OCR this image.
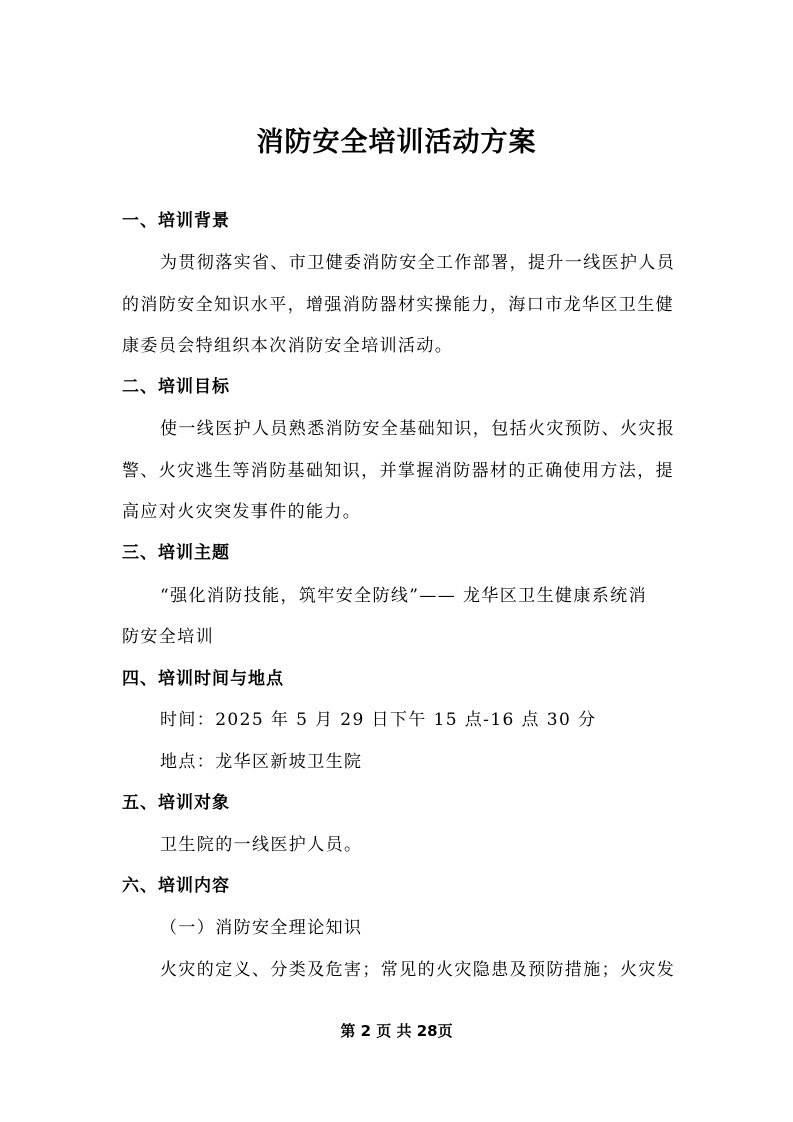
消防安全培训活动方案
一、培训背景
为贯彻落实省、市卫健委消防安全工作部署，提升一线医护人员
的消防安全知识水平，增强消防器材实操能力，海口市龙华区卫生健
康委员会特组织本次消防安全培训活动。
二、培训目标
使一线医护人员熟悉消防安全基础知识，包括火灾预防、火灾报
警、火灾逃生等消防基础知识，并掌握消防器材的正确使用方法，提
高应对火灾突发事件的能力。
三、培训主题
“强化消防技能，筑牢安全防线”—— 龙华区卫生健康系统消
防安全培训
四、培训时间与地点
时间：2025 年 5 月 29 日下午 15 点-16 点 30 分
地点：龙华区新坡卫生院
五、培训对象
卫生院的一线医护人员。
六、培训内容
（一）消防安全理论知识
火灾的定义、分类及危害；常见的火灾隐患及预防措施；火灾发
第 2 页 共 28页
